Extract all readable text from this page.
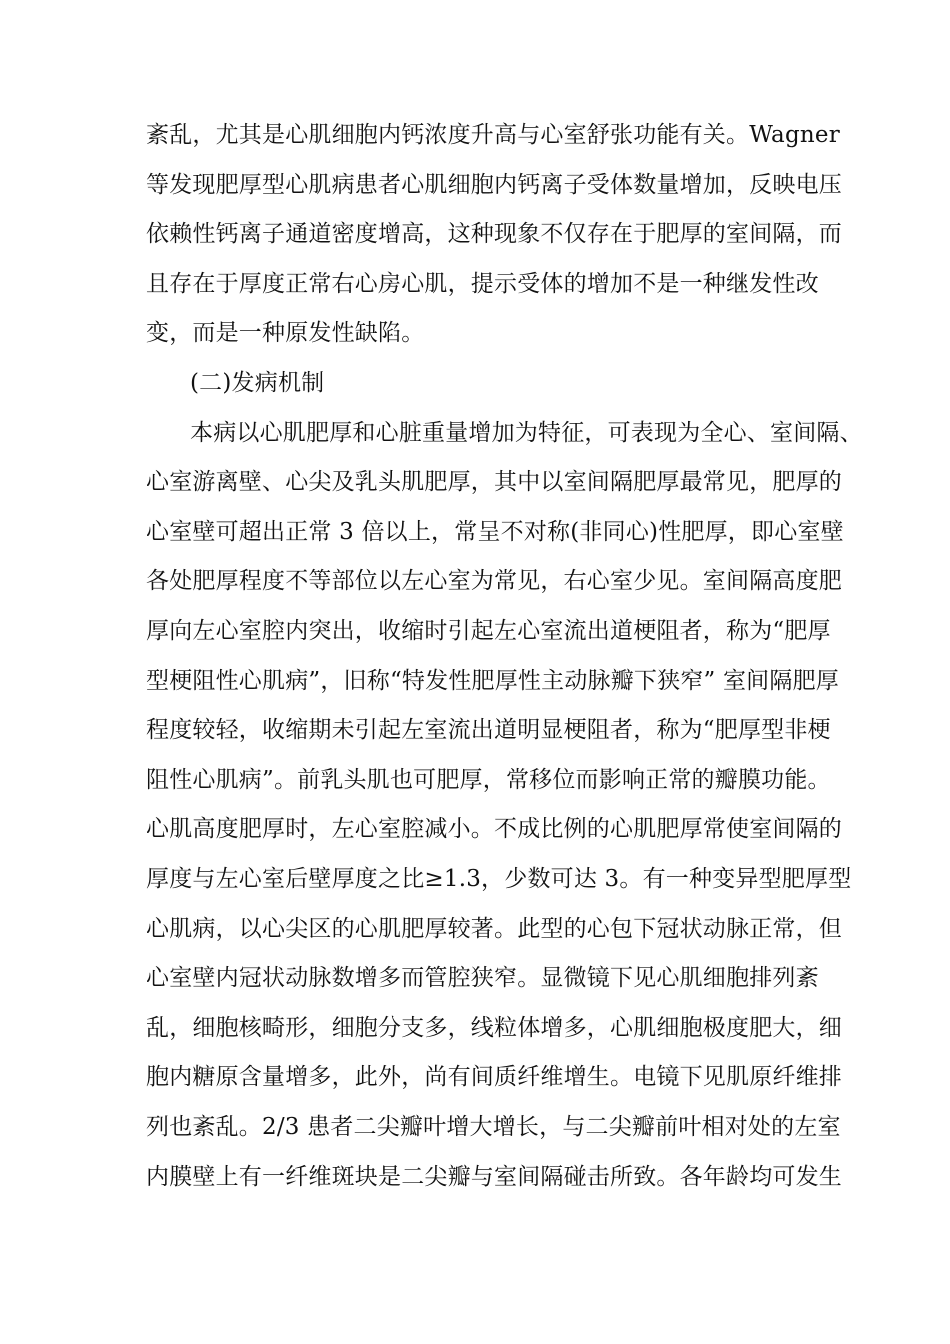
紊乱，尤其是心肌细胞内钙浓度升高与心室舒张功能有关。Wagner
等发现肥厚型心肌病患者心肌细胞内钙离子受体数量增加，反映电压
依赖性钙离子通道密度增高，这种现象不仅存在于肥厚的室间隔，而
且存在于厚度正常右心房心肌，提示受体的增加不是一种继发性改
变，而是一种原发性缺陷。
(二)发病机制
本病以心肌肥厚和心脏重量增加为特征，可表现为全心、室间隔、
心室游离壁、心尖及乳头肌肥厚，其中以室间隔肥厚最常见，肥厚的
心室壁可超出正常 3 倍以上，常呈不对称(非同心)性肥厚，即心室壁
各处肥厚程度不等部位以左心室为常见，右心室少见。室间隔高度肥
厚向左心室腔内突出，收缩时引起左心室流出道梗阻者，称为“肥厚
型梗阻性心肌病”，旧称“特发性肥厚性主动脉瓣下狭窄” 室间隔肥厚
程度较轻，收缩期未引起左室流出道明显梗阻者，称为“肥厚型非梗
阻性心肌病”。前乳头肌也可肥厚，常移位而影响正常的瓣膜功能。
心肌高度肥厚时，左心室腔减小。不成比例的心肌肥厚常使室间隔的
厚度与左心室后壁厚度之比≥1.3，少数可达 3。有一种变异型肥厚型
心肌病，以心尖区的心肌肥厚较著。此型的心包下冠状动脉正常，但
心室壁内冠状动脉数增多而管腔狭窄。显微镜下见心肌细胞排列紊
乱，细胞核畸形，细胞分支多，线粒体增多，心肌细胞极度肥大，细
胞内糖原含量增多，此外，尚有间质纤维增生。电镜下见肌原纤维排
列也紊乱。2/3 患者二尖瓣叶增大增长，与二尖瓣前叶相对处的左室
内膜壁上有一纤维斑块是二尖瓣与室间隔碰击所致。各年龄均可发生
